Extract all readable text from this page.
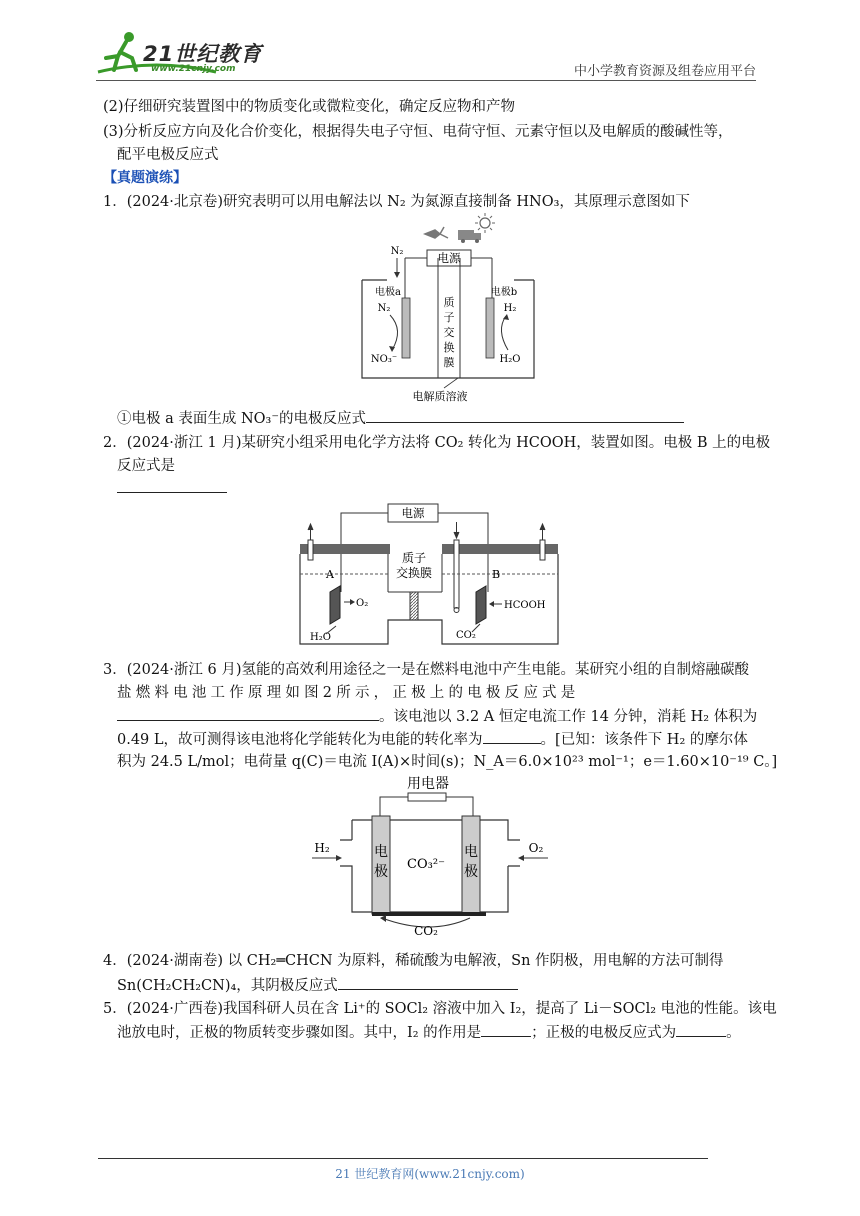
21世纪教育
www.21cnjy.com	中小学教育资源及组卷应用平台
(2)仔细研究装置图中的物质变化或微粒变化，确定反应物和产物
(3)分析反应方向及化合价变化，根据得失电子守恒、电荷守恒、元素守恒以及电解质的酸碱性等，
配平电极反应式
【真题演练】
1．(2024·北京卷)研究表明可以用电解法以 N₂ 为氮源直接制备 HNO₃，其原理示意图如下
电源
N₂
电极a	电极b
N₂
NO₃⁻
H₂
H₂O
质
子
交
换
膜
电解质溶液
①电极 a 表面生成 NO₃⁻的电极反应式
2．(2024·浙江 1 月)某研究小组采用电化学方法将 CO₂ 转化为 HCOOH，装置如图。电极 B 上的电极
反应式是
电源
质子
交换膜
A	B
O₂	HCOOH
H₂O	CO₂
3．(2024·浙江 6 月)氢能的高效利用途径之一是在燃料电池中产生电能。某研究小组的自制熔融碳酸
盐 燃 料 电 池 工 作 原 理 如 图 2 所 示 ， 正 极 上 的 电 极 反 应 式 是
。该电池以 3.2 A 恒定电流工作 14 分钟，消耗 H₂ 体积为
0.49 L，故可测得该电池将化学能转化为电能的转化率为	。[已知：该条件下 H₂ 的摩尔体
积为 24.5 L/mol；电荷量 q(C)＝电流 I(A)×时间(s)；N_A＝6.0×10²³ mol⁻¹；e＝1.60×10⁻¹⁹ C。]
用电器
电
极
电
极
CO₃²⁻
H₂	O₂
CO₂
4．(2024·湖南卷) 以 CH₂═CHCN 为原料，稀硫酸为电解液，Sn 作阴极，用电解的方法可制得
Sn(CH₂CH₂CN)₄，其阴极反应式
5．(2024·广西卷)我国科研人员在含 Li⁺的 SOCl₂ 溶液中加入 I₂，提高了 Li－SOCl₂ 电池的性能。该电
池放电时，正极的物质转变步骤如图。其中，I₂ 的作用是	；正极的电极反应式为	。
21 世纪教育网(www.21cnjy.com)
